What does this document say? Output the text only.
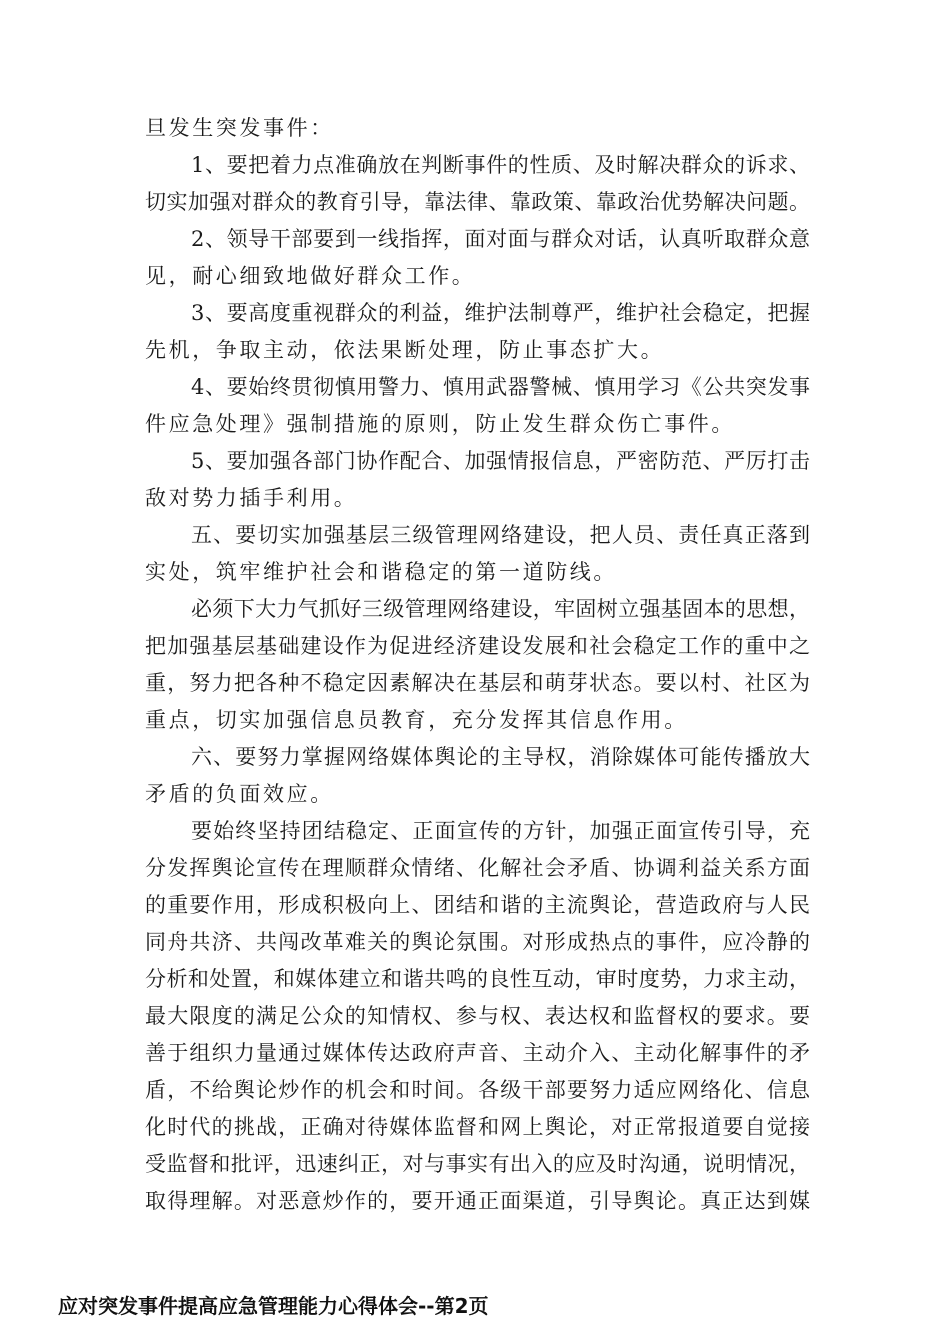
旦发生突发事件：
1、要把着力点准确放在判断事件的性质、及时解决群众的诉求、
切实加强对群众的教育引导，靠法律、靠政策、靠政治优势解决问题。
2、领导干部要到一线指挥，面对面与群众对话，认真听取群众意
见，耐心细致地做好群众工作。
3、要高度重视群众的利益，维护法制尊严，维护社会稳定，把握
先机，争取主动，依法果断处理，防止事态扩大。
4、要始终贯彻慎用警力、慎用武器警械、慎用学习《公共突发事
件应急处理》强制措施的原则，防止发生群众伤亡事件。
5、要加强各部门协作配合、加强情报信息，严密防范、严厉打击
敌对势力插手利用。
五、要切实加强基层三级管理网络建设，把人员、责任真正落到
实处，筑牢维护社会和谐稳定的第一道防线。
必须下大力气抓好三级管理网络建设，牢固树立强基固本的思想，
把加强基层基础建设作为促进经济建设发展和社会稳定工作的重中之
重，努力把各种不稳定因素解决在基层和萌芽状态。要以村、社区为
重点，切实加强信息员教育，充分发挥其信息作用。
六、要努力掌握网络媒体舆论的主导权，消除媒体可能传播放大
矛盾的负面效应。
要始终坚持团结稳定、正面宣传的方针，加强正面宣传引导，充
分发挥舆论宣传在理顺群众情绪、化解社会矛盾、协调利益关系方面
的重要作用，形成积极向上、团结和谐的主流舆论，营造政府与人民
同舟共济、共闯改革难关的舆论氛围。对形成热点的事件，应冷静的
分析和处置，和媒体建立和谐共鸣的良性互动，审时度势，力求主动，
最大限度的满足公众的知情权、参与权、表达权和监督权的要求。要
善于组织力量通过媒体传达政府声音、主动介入、主动化解事件的矛
盾，不给舆论炒作的机会和时间。各级干部要努力适应网络化、信息
化时代的挑战，正确对待媒体监督和网上舆论，对正常报道要自觉接
受监督和批评，迅速纠正，对与事实有出入的应及时沟通，说明情况，
取得理解。对恶意炒作的，要开通正面渠道，引导舆论。真正达到媒
应对突发事件提高应急管理能力心得体会--第2页
